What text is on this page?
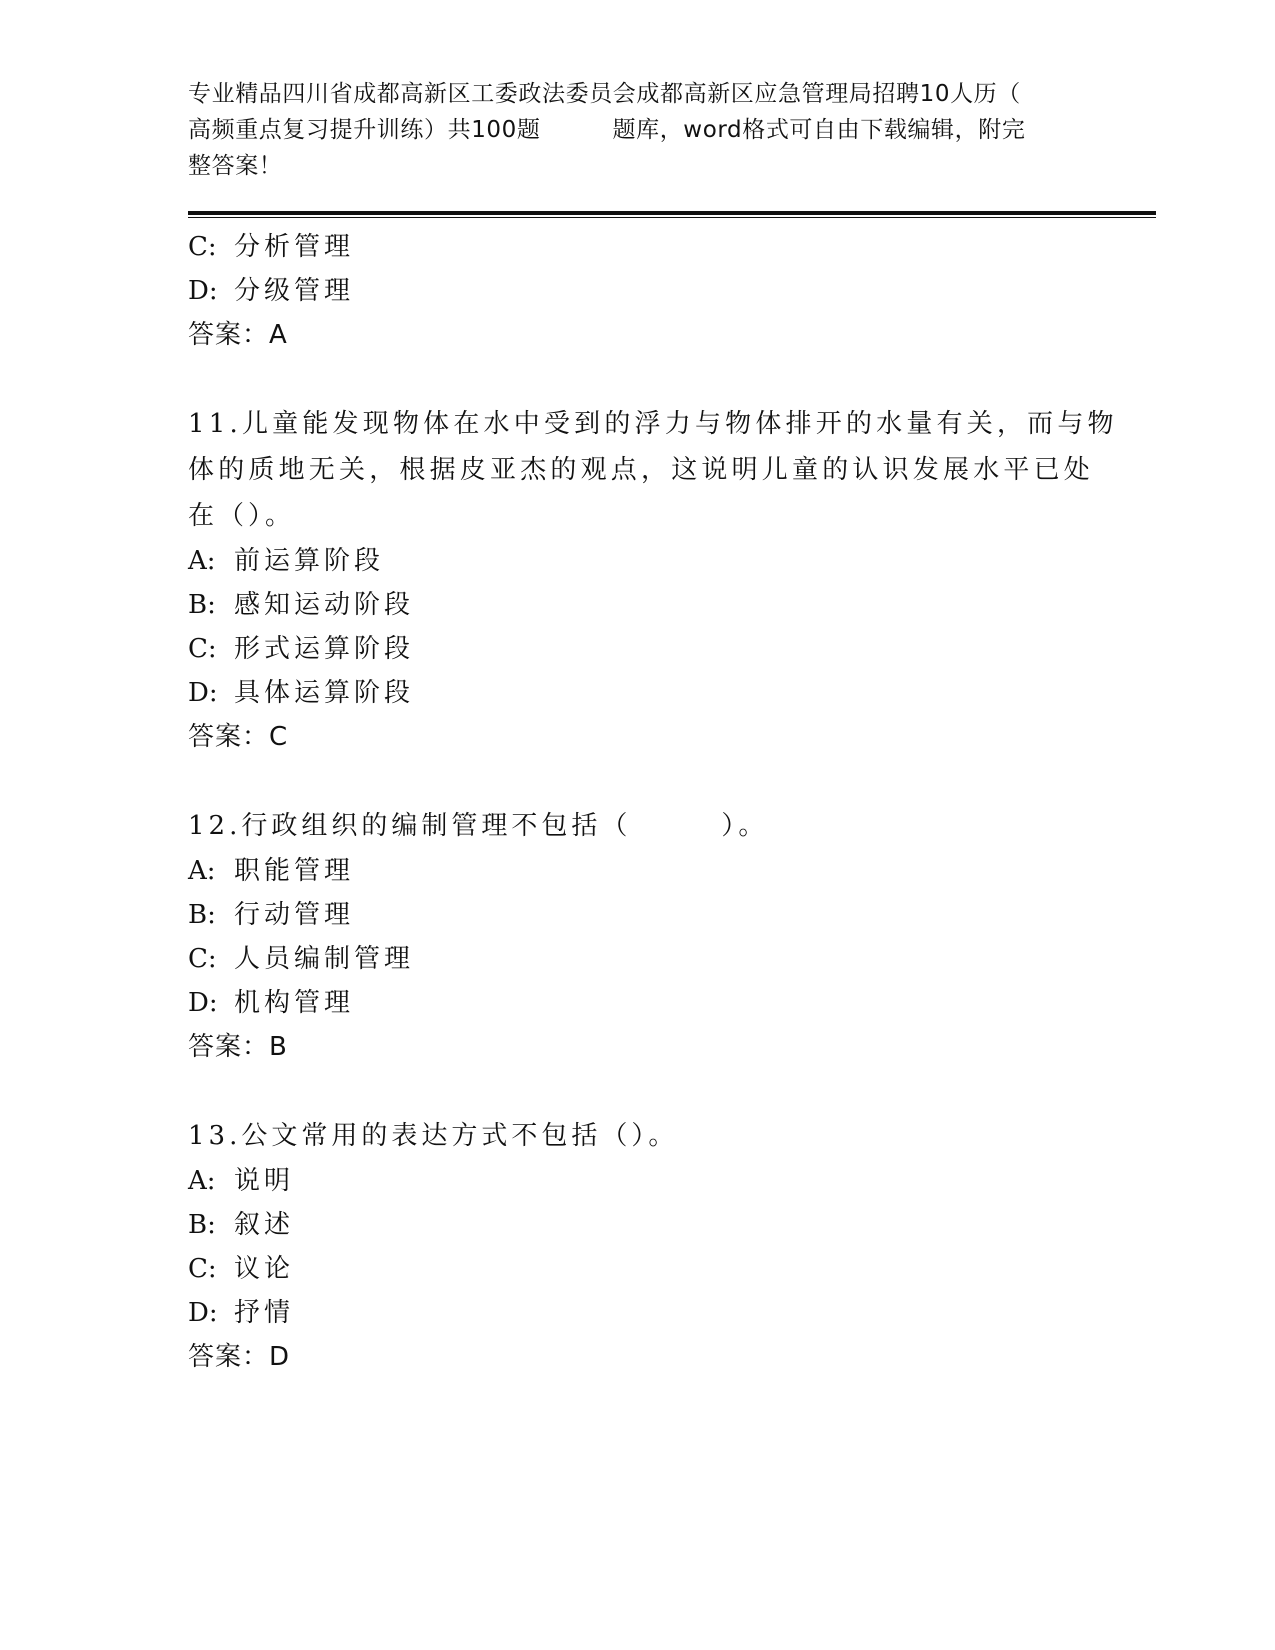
专业精品四川省成都高新区工委政法委员会成都高新区应急管理局招聘10人历（
高频重点复习提升训练）共100题	题库，word格式可自由下载编辑，附完
整答案！
C: 分析管理
D: 分级管理
答案：A
11.儿童能发现物体在水中受到的浮力与物体排开的水量有关，而与物
体的质地无关，根据皮亚杰的观点，这说明儿童的认识发展水平已处
在（）。
A: 前运算阶段
B: 感知运动阶段
C: 形式运算阶段
D: 具体运算阶段
答案：C
12.行政组织的编制管理不包括（　　　）。
A: 职能管理
B: 行动管理
C: 人员编制管理
D: 机构管理
答案：B
13.公文常用的表达方式不包括（）。
A: 说明
B: 叙述
C: 议论
D: 抒情
答案：D
